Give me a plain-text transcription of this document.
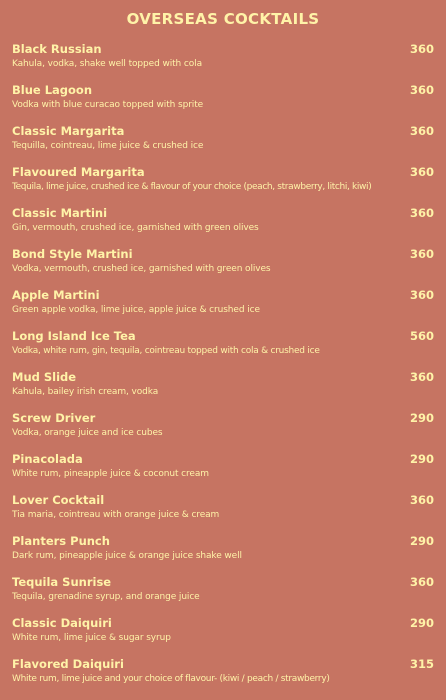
OVERSEAS COCKTAILS
Black Russian	360
Kahula, vodka, shake well topped with cola
Blue Lagoon	360
Vodka with blue curacao topped with sprite
Classic Margarita	360
Tequilla, cointreau, lime juice & crushed ice
Flavoured Margarita	360
Tequila, lime juice, crushed ice & flavour of your choice (peach, strawberry, litchi, kiwi)
Classic Martini	360
Gin, vermouth, crushed ice, garnished with green olives
Bond Style Martini	360
Vodka, vermouth, crushed ice, garnished with green olives
Apple Martini	360
Green apple vodka, lime juice, apple juice & crushed ice
Long Island Ice Tea	560
Vodka, white rum, gin, tequila, cointreau topped with cola & crushed ice
Mud Slide	360
Kahula, bailey irish cream, vodka
Screw Driver	290
Vodka, orange juice and ice cubes
Pinacolada	290
White rum, pineapple juice & coconut cream
Lover Cocktail	360
Tia maria, cointreau with orange juice & cream
Planters Punch	290
Dark rum, pineapple juice & orange juice shake well
Tequila Sunrise	360
Tequila, grenadine syrup, and orange juice
Classic Daiquiri	290
White rum, lime juice & sugar syrup
Flavored Daiquiri	315
White rum, lime juice and your choice of flavour- (kiwi / peach / strawberry)
